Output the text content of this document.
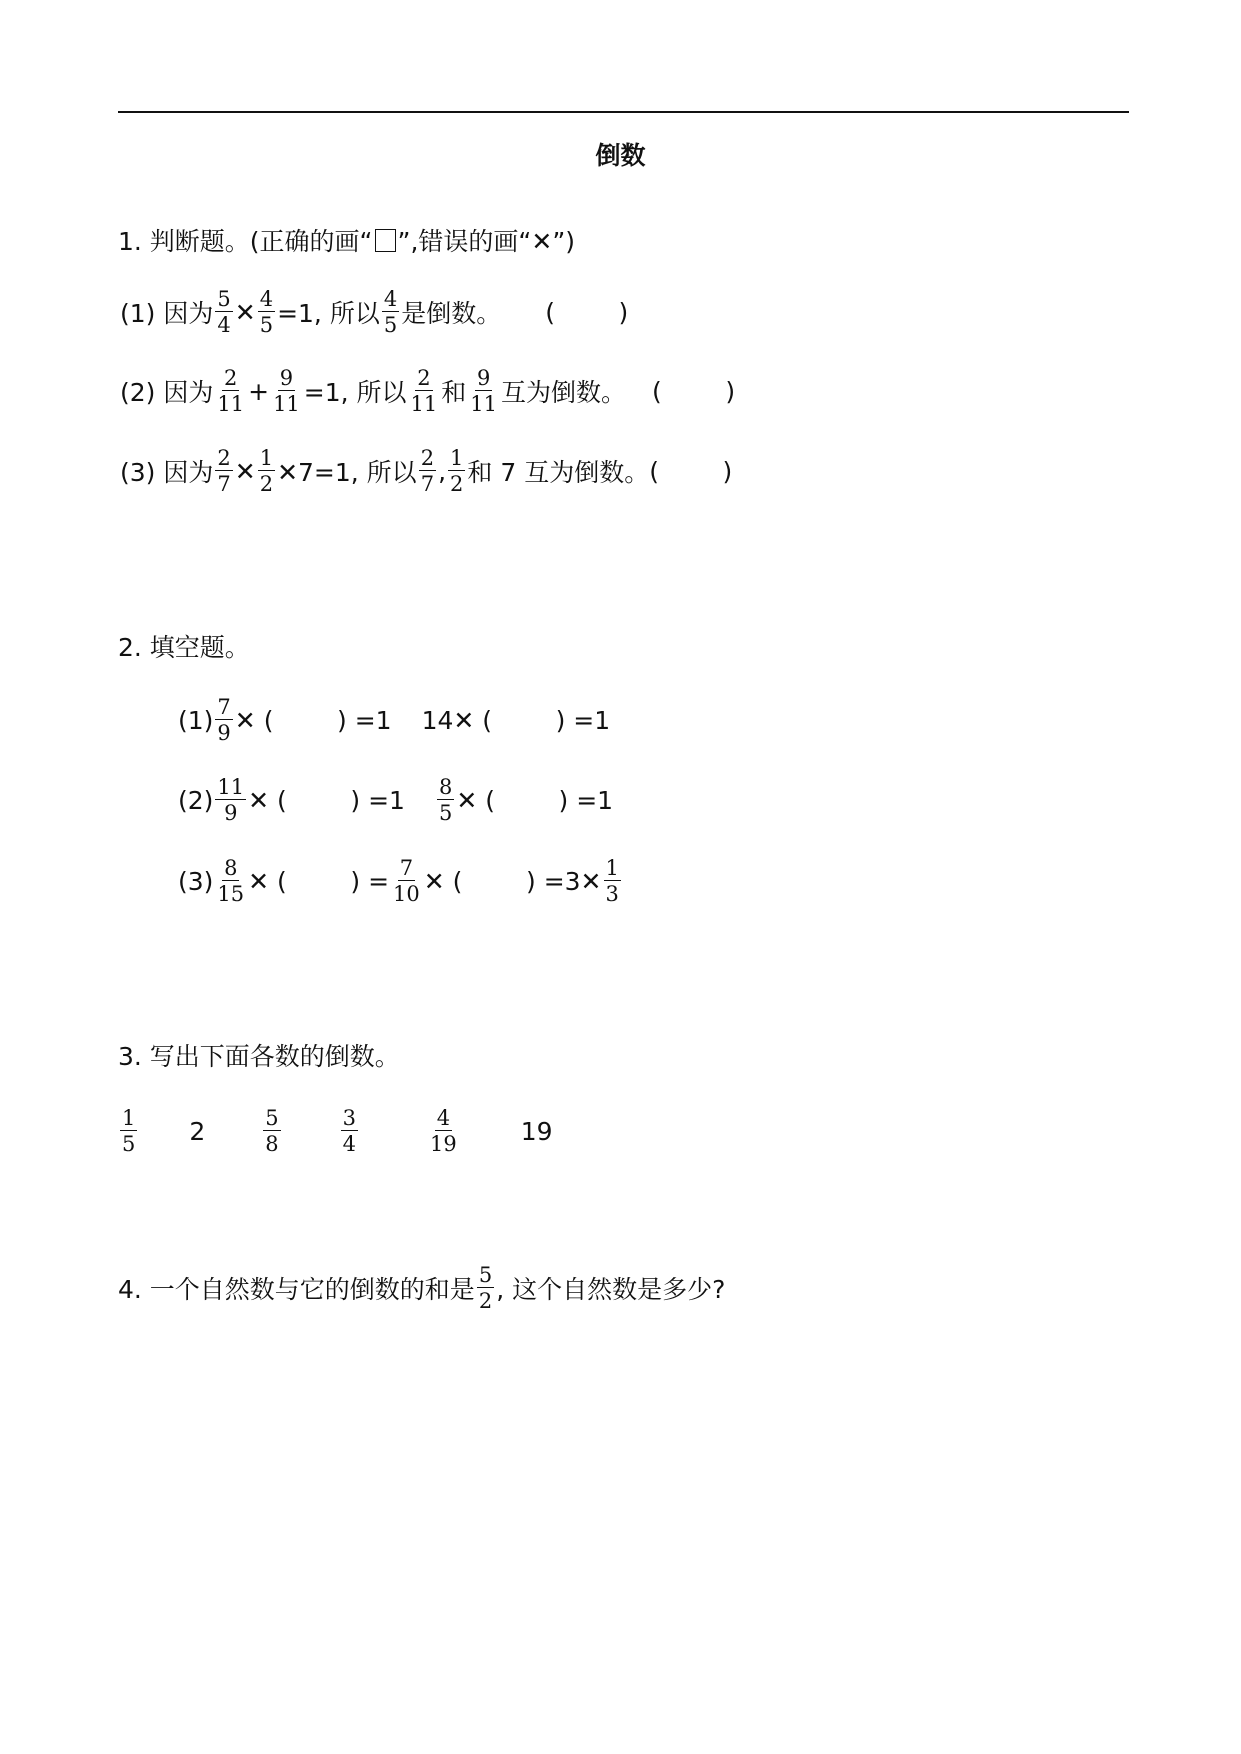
倒数
1. 判断题。(正确的画“ ”,错误的画“✕”)
(1) 因为 $\frac{5}{4}$ ✕ $\frac{4}{5} =1$, 所以 $\frac{4}{5}$ 是倒数。 (        )
(2) 因为 $\frac{2}{11} + \frac{9}{11} =1$, 所以 $\frac{2}{11}$ 和 $\frac{9}{11}$ 互为倒数。 (        )
(3) 因为 $\frac{2}{7}$ ✕ $\frac{1}{2}$ ✕7=1, 所以 $\frac{2}{7}$ , $\frac{1}{2}$ 和 7 互为倒数。 (        )
2. 填空题。
$(1) \frac{7}{9}$ ✕ (        ) =1 14✕ (        ) =1
$(2) \frac{11}{9}$ ✕ (        ) $=1 \frac{8}{5}$ ✕ (        ) =1
$(3) \frac{8}{15}$ ✕ (        ) = $\frac{7}{10}$ ✕ (        ) =3✕ $\frac{1}{3}$
3. 写出下面各数的倒数。
$\frac{1}{5} 2$	$\frac{5}{8}$	$\frac{3}{4}$	$\frac{4}{19} 19$
4. 一个自然数与它的倒数的和是 $\frac{5}{2}$ , 这个自然数是多少?
